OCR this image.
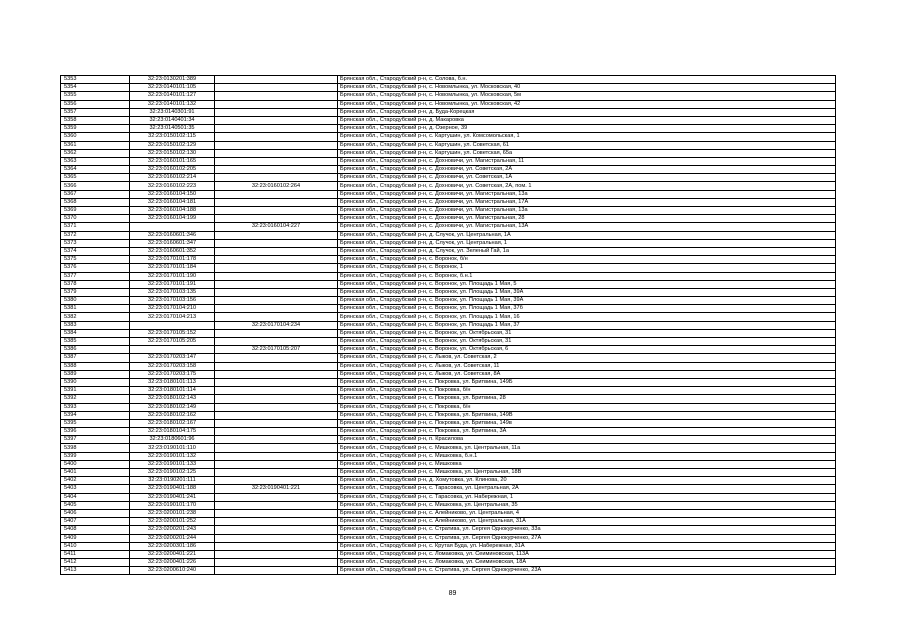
5353	32:23:0130201:389		Брянская обл., Стародубский р-н, с. Солова, б.н.
5354	32:23:0140101:105		Брянская обл., Стародубский р-н, с. Новомлынка, ул. Московская, 40
5355	32:23:0140101:127		Брянская обл., Стародубский р-н, с. Новомлынка, ул. Московская, 5м
5356	32:23:0140101:132		Брянская обл., Стародубский р-н, с. Новомлынка, ул. Московская, 42
5357	32:23:0140301:91		Брянская обл., Стародубский р-н, д. Буда-Корецкая
5358	32:23:0140401:34		Брянская обл., Стародубский р-н, д. Макаровка
5359	32:23:0140501:35		Брянская обл., Стародубский р-н, д. Озерное, 39
5360	32:23:0150102:115		Брянская обл., Стародубский р-н, с. Картушин, ул. Комсомольская, 1
5361	32:23:0150102:129		Брянская обл., Стародубский р-н, с. Картушин, ул. Советская, 61
5362	32:23:0150102:130		Брянская обл., Стародубский р-н, с. Картушин, ул. Советская, 65а
5363	32:23:0160101:165		Брянская обл., Стародубский р-н, с. Дохновичи, ул. Магистральная, 11
5364	32:23:0160102:205		Брянская обл., Стародубский р-н, с. Дохновичи, ул. Советская, 2А
5365	32:23:0160102:214		Брянская обл., Стародубский р-н, с. Дохновичи, ул. Советская, 1А
5366	32:23:0160102:223	32:23:0160102:264	Брянская обл., Стародубский р-н, с. Дохновичи, ул. Советская, 2А, пом. 1
5367	32:23:0160104:150		Брянская обл., Стародубский р-н, с. Дохновичи, ул. Магистральная, 13а
5368	32:23:0160104:181		Брянская обл., Стародубский р-н, с. Дохновичи, ул. Магистральная, 17А
5369	32:23:0160104:188		Брянская обл., Стародубский р-н, с. Дохновичи, ул. Магистральная, 13а
5370	32:23:0160104:199		Брянская обл., Стародубский р-н, с. Дохновичи, ул. Магистральная, 28
5371		32:23:0160104:227	Брянская обл., Стародубский р-н, с. Дохновичи, ул. Магистральная, 13А
5372	32:23:0160601:346		Брянская обл., Стародубский р-н, д. Случок, ул. Центральная, 1А
5373	32:23:0160601:347		Брянская обл., Стародубский р-н, д. Случок, ул. Центральная, 1
5374	32:23:0160601:352		Брянская обл., Стародубский р-н, д. Случок, ул. Зеленый Гай, 1а
5375	32:23:0170101:178		Брянская обл., Стародубский р-н, с. Воронок, б/н
5376	32:23:0170101:184		Брянская обл., Стародубский р-н, с. Воронок, 1
5377	32:23:0170101:190		Брянская обл., Стародубский р-н, с. Воронок, б.н.1
5378	32:23:0170101:191		Брянская обл., Стародубский р-н, с. Воронок, ул. Площадь 1 Мая, 5
5379	32:23:0170103:135		Брянская обл., Стародубский р-н, с. Воронок, ул. Площадь 1 Мая, 39А
5380	32:23:0170103:156		Брянская обл., Стародубский р-н, с. Воронок, ул. Площадь 1 Мая, 39А
5381	32:23:0170104:210		Брянская обл., Стародубский р-н, с. Воронок, ул. Площадь 1 Мая, 37б
5382	32:23:0170104:213		Брянская обл., Стародубский р-н, с. Воронок, ул. Площадь 1 Мая, 16
5383		32:23:0170104:234	Брянская обл., Стародубский р-н, с. Воронок, ул. Площадь 1 Мая, 37
5384	32:23:0170105:152		Брянская обл., Стародубский р-н, с. Воронок, ул. Октябрьская, 31
5385	32:23:0170105:205		Брянская обл., Стародубский р-н, с. Воронок, ул. Октябрьская, 31
5386		32:23:0170105:207	Брянская обл., Стародубский р-н, с. Воронок, ул. Октябрьская, 6
5387	32:23:0170203:147		Брянская обл., Стародубский р-н, с. Лыков, ул. Советская, 2
5388	32:23:0170203:158		Брянская обл., Стародубский р-н, с. Лыков, ул. Советская, 11
5389	32:23:0170203:175		Брянская обл., Стародубский р-н, с. Лыков, ул. Советская, 8А
5390	32:23:0180101:113		Брянская обл., Стародубский р-н, с. Покровка, ул. Бритвина, 149Б
5391	32:23:0180101:114		Брянская обл., Стародубский р-н, с. Покровка, б/н
5392	32:23:0180102:143		Брянская обл., Стародубский р-н, с. Покровка, ул. Бритвина, 28
5393	32:23:0180102:149		Брянская обл., Стародубский р-н, с. Покровка, б/н
5394	32:23:0180102:162		Брянская обл., Стародубский р-н, с. Покровка, ул. Бритвина, 149В
5395	32:23:0180102:167		Брянская обл., Стародубский р-н, с. Покровка, ул. Бритвина, 149в
5396	32:23:0180104:175		Брянская обл., Стародубский р-н, с. Покровка, ул. Бритвина, 3А
5397	32:23:0180601:96		Брянская обл., Стародубский р-н, п. Красилова
5398	32:23:0190101:110		Брянская обл., Стародубский р-н, с. Мишковка, ул. Центральная, 11а
5399	32:23:0190101:132		Брянская обл., Стародубский р-н, с. Мишковка, б.н.1
5400	32:23:0190101:133		Брянская обл., Стародубский р-н, с. Мишковка
5401	32:23:0190102:125		Брянская обл., Стародубский р-н, с. Мишковка, ул. Центральная, 18В
5402	32:23:0190201:111		Брянская обл., Стародубский р-н, д. Хомутовка, ул. Клинова, 20
5403	32:23:0190401:188	32:23:0190401:221	Брянская обл., Стародубский р-н, с. Тарасовка, ул. Центральная, 2А
5404	32:23:0190401:241		Брянская обл., Стародубский р-н, с. Тарасовка, ул. Набережная, 1
5405	32:23:0190101:170		Брянская обл., Стародубский р-н, с. Мишковка, ул. Центральная, 35
5406	32:23:0200101:238		Брянская обл., Стародубский р-н, с. Алейниково, ул. Центральная, 4
5407	32:23:0200101:252		Брянская обл., Стародубский р-н, с. Алейниково, ул. Центральная, 31А
5408	32:23:0200201:243		Брянская обл., Стародубский р-н, с. Стратива, ул. Сергея Однокурченко, 33а
5409	32:23:0200201:244		Брянская обл., Стародубский р-н, с. Стратива, ул. Сергея Однокурченко, 27А
5410	32:23:0200301:186		Брянская обл., Стародубский р-н, с. Крутая Буда, ул. Набережная, 31А
5411	32:23:0200401:221		Брянская обл., Стародубский р-н, с. Ломаковка, ул. Сеиминовская, 113А
5412	32:23:0200401:226		Брянская обл., Стародубский р-н, с. Ломаковка, ул. Сеиминовская, 18А
5413	32:23:0200610:240		Брянская обл., Стародубский р-н, с. Стратива, ул. Сергея Однокурченко, 23А
89
